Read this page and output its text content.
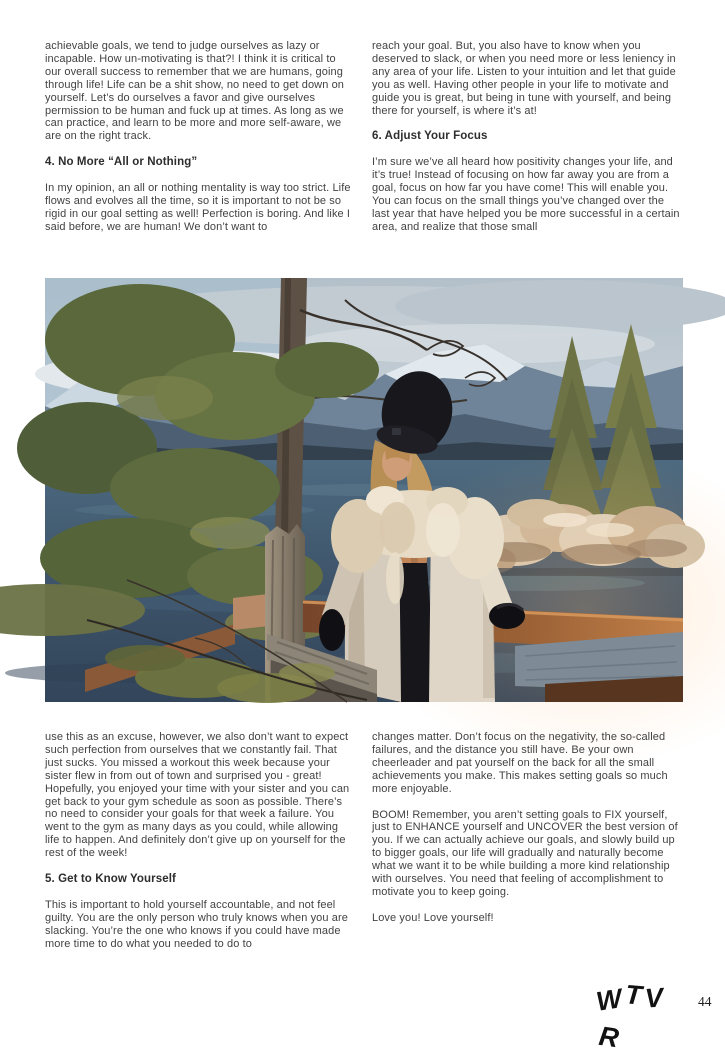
achievable goals, we tend to judge ourselves as lazy or incapable. How un-motivating is that?! I think it is critical to our overall success to remember that we are humans, going through life! Life can be a shit show, no need to get down on yourself. Let’s do ourselves a favor and give ourselves permission to be human and fuck up at times. As long as we can practice, and learn to be more and more self-aware, we are on the right track.

4. No More “All or Nothing”

In my opinion, an all or nothing mentality is way too strict. Life flows and evolves all the time, so it is important to not be so rigid in our goal setting as well! Perfection is boring. And like I said before, we are human! We don’t want to

reach your goal. But, you also have to know when you deserved to slack, or when you need more or less leniency in any area of your life. Listen to your intuition and let that guide you as well. Having other people in your life to motivate and guide you is great, but being in tune with yourself, and being there for yourself, is where it’s at!

6. Adjust Your Focus

I’m sure we’ve all heard how positivity changes your life, and it’s true! Instead of focusing on how far away you are from a goal, focus on how far you have come! This will enable you. You can focus on the small things you’ve changed over the last year that have helped you be more successful in a certain area, and realize that those small

use this as an excuse, however, we also don’t want to expect such perfection from ourselves that we constantly fail. That just sucks. You missed a workout this week because your sister flew in from out of town and surprised you - great! Hopefully, you enjoyed your time with your sister and you can get back to your gym schedule as soon as possible. There’s no need to consider your goals for that week a failure. You went to the gym as many days as you could, while allowing life to happen. And definitely don’t give up on yourself for the rest of the week!

5. Get to Know Yourself

This is important to hold yourself accountable, and not feel guilty. You are the only person who truly knows when you are slacking. You’re the one who knows if you could have made more time to do what you needed to do to

changes matter. Don’t focus on the negativity, the so-called failures, and the distance you still have. Be your own cheerleader and pat yourself on the back for all the small achievements you make. This makes setting goals so much more enjoyable.

BOOM! Remember, you aren’t setting goals to FIX yourself, just to ENHANCE yourself and UNCOVER the best version of you. If we can actually achieve our goals, and slowly build up to bigger goals, our life will gradually and naturally become what we want it to be while building a more kind relationship with ourselves. You need that feeling of accomplishment to motivate you to keep going.

Love you! Love yourself!

WTVR
44
